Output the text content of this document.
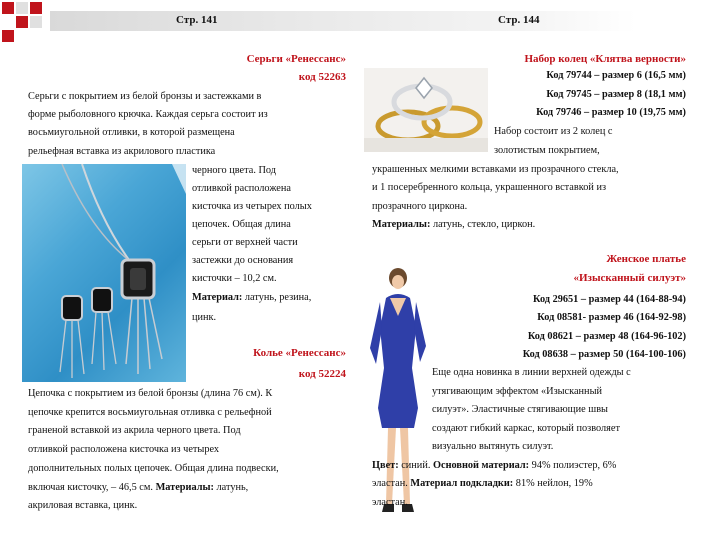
Стр. 141	Стр. 144
Серьги «Ренессанс»
код 52263
Серьги с покрытием из белой бронзы и застежками в
форме рыболовного крючка. Каждая серьга состоит из
восьмиугольной отливки, в которой размещена
рельефная вставка из акрилового пластика
черного цвета. Под
отливкой расположена
кисточка из четырех полых
цепочек. Общая длина
серьги от верхней части
застежки до основания
кисточки – 10,2 см.
Материал: латунь, резина,
цинк.
Колье «Ренессанс»
код 52224
Цепочка с покрытием из белой бронзы (длина 76 см). К
цепочке крепится восьмиугольная отливка с рельефной
граненой вставкой из акрила черного цвета. Под
отливкой расположена кисточка из четырех
дополнительных полых цепочек. Общая длина подвески,
включая кисточку, – 46,5 см. Материалы: латунь,
акриловая вставка, цинк.
Набор колец «Клятва верности»
Код 79744 – размер 6 (16,5 мм)
Код 79745 – размер 8 (18,1 мм)
Код 79746 – размер 10 (19,75 мм)
Набор состоит из 2 колец с
золотистым покрытием,
украшенных мелкими вставками из прозрачного стекла,
и 1 посеребренного кольца, украшенного вставкой из
прозрачного циркона.
Материалы: латунь, стекло, циркон.
Женское платье
«Изысканный силуэт»
Код 29651 – размер 44 (164-88-94)
Код 08581- размер 46 (164-92-98)
Код 08621 – размер 48 (164-96-102)
Код 08638 – размер 50 (164-100-106)
Еще одна новинка в линии верхней одежды с
утягивающим эффектом «Изысканный
силуэт». Эластичные стягивающие швы
создают гибкий каркас, который позволяет
визуально вытянуть силуэт.
Цвет: синий. Основной материал: 94% полиэстер, 6%
эластан. Материал подкладки: 81% нейлон, 19%
эластан.
